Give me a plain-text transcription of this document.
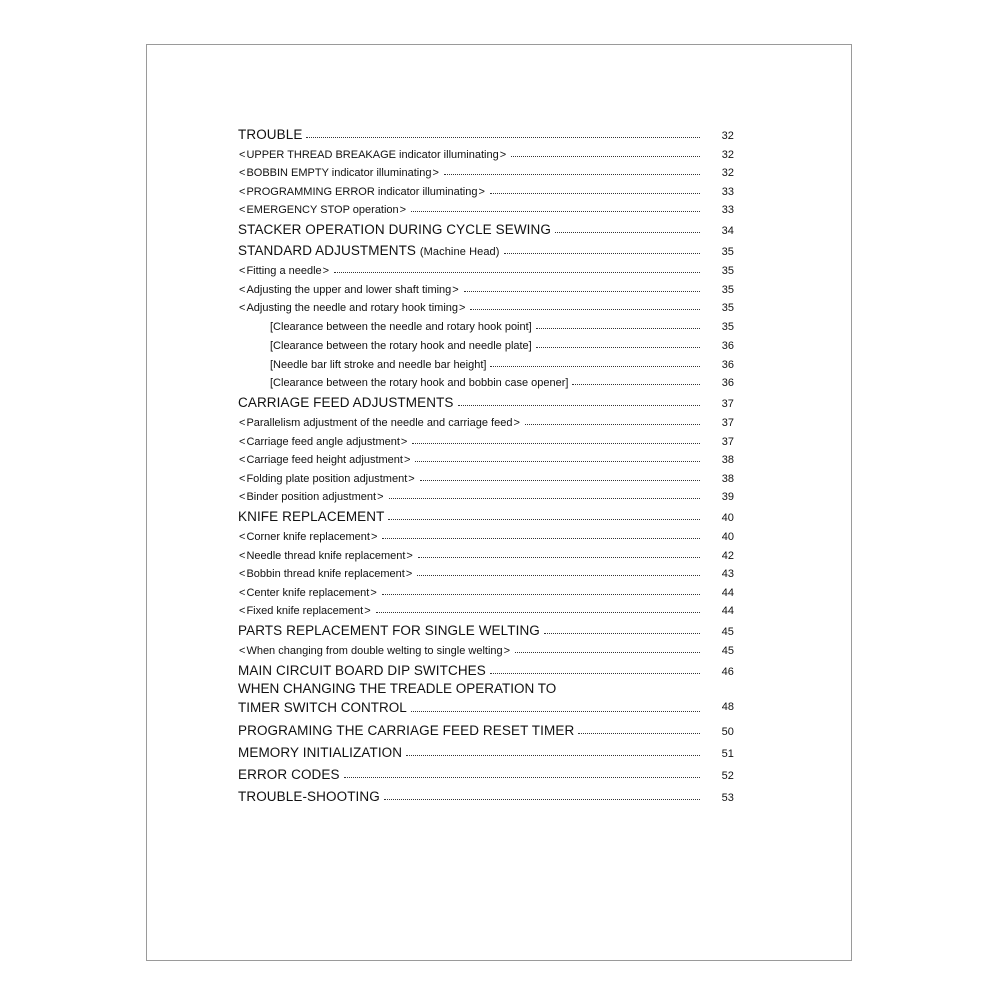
TROUBLE	32
<UPPER THREAD BREAKAGE indicator illuminating>	32
<BOBBIN EMPTY indicator illuminating>	32
<PROGRAMMING ERROR indicator illuminating>	33
<EMERGENCY STOP operation>	33
STACKER OPERATION DURING CYCLE SEWING	34
STANDARD ADJUSTMENTS (Machine Head)	35
<Fitting a needle>	35
<Adjusting the upper and lower shaft timing>	35
<Adjusting the needle and rotary hook timing>	35
[Clearance between the needle and rotary hook point]	35
[Clearance between the rotary hook and needle plate]	36
[Needle bar lift stroke and needle bar height]	36
[Clearance between the rotary hook and bobbin case opener]	36
CARRIAGE FEED ADJUSTMENTS	37
<Parallelism adjustment of the needle and carriage feed>	37
<Carriage feed angle adjustment>	37
<Carriage feed height adjustment>	38
<Folding plate position adjustment>	38
<Binder position adjustment>	39
KNIFE REPLACEMENT	40
<Corner knife replacement>	40
<Needle thread knife replacement>	42
<Bobbin thread knife replacement>	43
<Center knife replacement>	44
<Fixed knife replacement>	44
PARTS REPLACEMENT FOR SINGLE WELTING	45
<When changing from double welting to single welting>	45
MAIN CIRCUIT BOARD DIP SWITCHES	46
WHEN CHANGING THE TREADLE OPERATION TO
TIMER SWITCH CONTROL	48
PROGRAMING THE CARRIAGE FEED RESET TIMER	50
MEMORY INITIALIZATION	51
ERROR CODES	52
TROUBLE-SHOOTING	53
